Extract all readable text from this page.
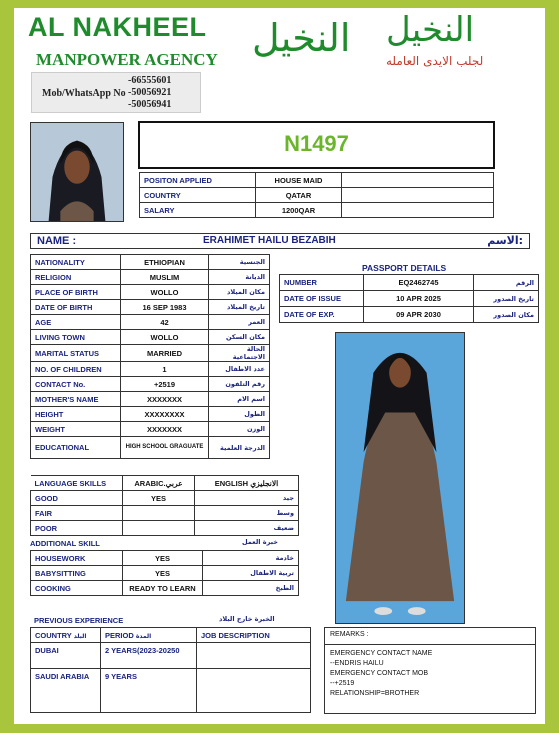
AL NAKHEEL
MANPOWER AGENCY
Mob/WhatsApp No
-66555601
-50056921
-50056941
النخيل النخيل
لجلب الايدى العامله
N1497
POSITON APPLIED	HOUSE MAID	
COUNTRY	QATAR	
SALARY	1200QAR	
NAME :	ERAHIMET HAILU BEZABIH	الاسم:
NATIONALITY	ETHIOPIAN	الجنسية
RELIGION	MUSLIM	الديانة
PLACE OF BIRTH	WOLLO	مكان الميلاد
DATE OF BIRTH	16 SEP 1983	تاريخ الميلاد
AGE	42	العمر
LIVING TOWN	WOLLO	مكان السكن
MARITAL STATUS	MARRIED	الحالة الاجتماعية
NO. OF CHILDREN	1	عدد الاطفال
CONTACT No.	+2519	رقم التلفون
MOTHER'S NAME	XXXXXXX	اسم الام
HEIGHT	XXXXXXXX	الطول
WEIGHT	XXXXXXX	الوزن
EDUCATIONAL	HIGH SCHOOL GRAGUATE	الدرجة العلمية
PASSPORT DETAILS
NUMBER	EQ2462745	الرقم
DATE OF ISSUE	10 APR 2025	تاريخ الصدور
DATE OF EXP.	09 APR 2030	مكان الصدور
LANGUAGE SKILLS	ARABIC.عربي	ENGLISH الانجليزي
GOOD	YES	جيد
FAIR		وسط
POOR		ضعيف
ADDITIONAL SKILL	خبرة العمل
HOUSEWORK	YES	خادمة
BABYSITTING	YES	تربية الاطفال
COOKING	READY TO LEARN	الطبخ
PREVIOUS EXPERIENCE	الخبرة خارج البلاد
COUNTRY البلد	PERIOD المدة	JOB DESCRIPTION
DUBAI	2 YEARS(2023-20250	
SAUDI ARABIA	9 YEARS	
REMARKS :
EMERGENCY CONTACT NAME
--ENDRIS HAILU
EMERGENCY CONTACT MOB
--+2519
RELATIONSHIP=BROTHER
